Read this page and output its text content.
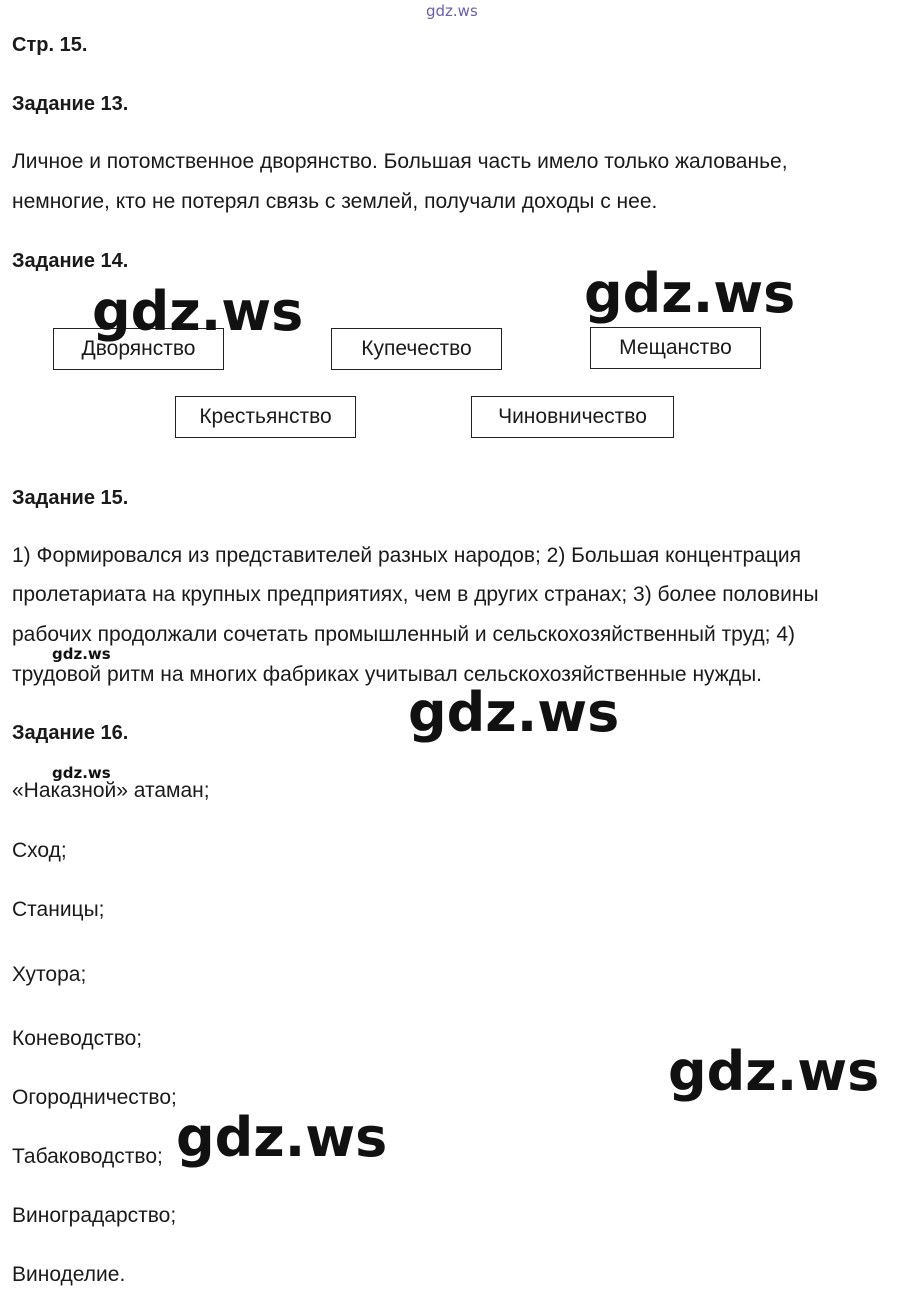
gdz.ws
Стр. 15.
Задание 13.
Личное и потомственное дворянство. Большая часть имело только жалованье,
немногие, кто не потерял связь с землей, получали доходы с нее.
Задание 14.
Дворянство	Купечество	Мещанство
Крестьянство	Чиновничество
Задание 15.
1) Формировался из представителей разных народов; 2) Большая концентрация
пролетариата на крупных предприятиях, чем в других странах; 3) более половины
рабочих продолжали сочетать промышленный и сельскохозяйственный труд; 4)
трудовой ритм на многих фабриках учитывал сельскохозяйственные нужды.
Задание 16.
«Наказной» атаман;
Сход;
Станицы;
Хутора;
Коневодство;
Огородничество;
Табаководство;
Виноградарство;
Виноделие.
gdz.ws	gdz.ws
gdz.ws
gdz.ws
gdz.ws
gdz.ws
gdz.ws
